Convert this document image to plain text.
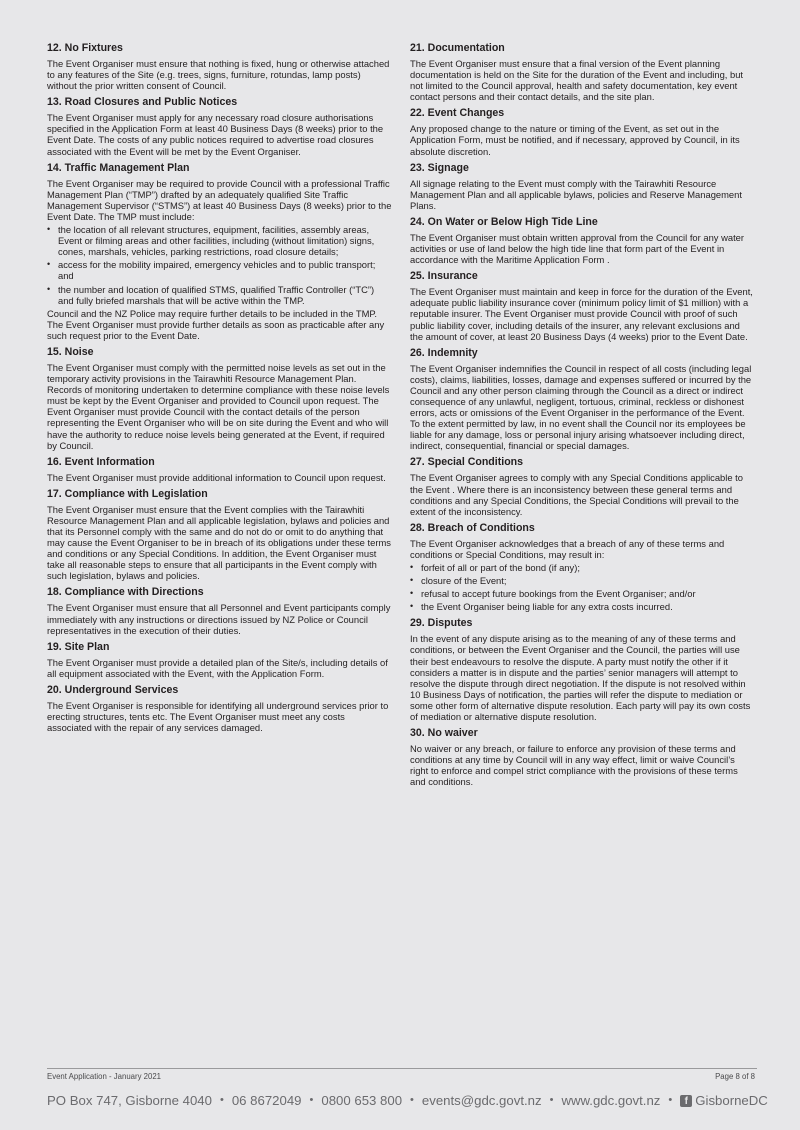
12. No Fixtures

The Event Organiser must ensure that nothing is fixed, hung or otherwise attached to any features of the Site (e.g. trees, signs, furniture, rotundas, lamp posts) without the prior written consent of Council.

13. Road Closures and Public Notices

The Event Organiser must apply for any necessary road closure authorisations specified in the Application Form at least 40 Business Days (8 weeks) prior to the Event Date. The costs of any public notices required to advertise road closures associated with the Event will be met by the Event Organiser.

14. Traffic Management Plan

The Event Organiser may be required to provide Council with a professional Traffic Management Plan (“TMP”) drafted by an adequately qualified Site Traffic Management Supervisor (“STMS”) at least 40 Business Days (8 weeks) prior to the Event Date. The TMP must include:

• the location of all relevant structures, equipment, facilities, assembly areas, Event or filming areas and other facilities, including (without limitation) signs, cones, marshals, vehicles, parking restrictions, road closure details;
• access for the mobility impaired, emergency vehicles and to public transport; and
• the number and location of qualified STMS, qualified Traffic Controller (“TC”) and fully briefed marshals that will be active within the TMP.

Council and the NZ Police may require further details to be included in the TMP. The Event Organiser must provide further details as soon as practicable after any such request prior to the Event Date.

15. Noise

The Event Organiser must comply with the permitted noise levels as set out in the temporary activity provisions in the Tairawhiti Resource Management Plan. Records of monitoring undertaken to determine compliance with these noise levels must be kept by the Event Organiser and provided to Council upon request. The Event Organiser must provide Council with the contact details of the person representing the Event Organiser who will be on site during the Event and who will have the authority to reduce noise levels being generated at the Event, if required by Council.

16. Event Information

The Event Organiser must provide additional information to Council upon request.

17. Compliance with Legislation

The Event Organiser must ensure that the Event complies with the Tairawhiti Resource Management Plan and all applicable legislation, bylaws and policies and that its Personnel comply with the same and do not do or omit to do anything that may cause the Event Organiser to be in breach of its obligations under these terms and conditions or any Special Conditions. In addition, the Event Organiser must take all reasonable steps to ensure that all participants in the Event comply with such legislation, bylaws and policies.

18. Compliance with Directions

The Event Organiser must ensure that all Personnel and Event participants comply immediately with any instructions or directions issued by NZ Police or Council representatives in the execution of their duties.

19. Site Plan

The Event Organiser must provide a detailed plan of the Site/s, including details of all equipment associated with the Event, with the Application Form.

20. Underground Services

The Event Organiser is responsible for identifying all underground services prior to erecting structures, tents etc. The Event Organiser must meet any costs associated with the repair of any services damaged.

21. Documentation

The Event Organiser must ensure that a final version of the Event planning documentation is held on the Site for the duration of the Event and including, but not limited to the Council approval, health and safety documentation, key event contact persons and their contact details, and the site plan.

22. Event Changes

Any proposed change to the nature or timing of the Event, as set out in the Application Form, must be notified, and if necessary, approved by Council, in its absolute discretion.

23. Signage

All signage relating to the Event must comply with the Tairawhiti Resource Management Plan and all applicable bylaws, policies and Reserve Management Plans.

24. On Water or Below High Tide Line

The Event Organiser must obtain written approval from the Council for any water activities or use of land below the high tide line that form part of the Event in accordance with the Maritime Application Form .

25. Insurance

The Event Organiser must maintain and keep in force for the duration of the Event, adequate public liability insurance cover (minimum policy limit of $1 million) with a reputable insurer. The Event Organiser must provide Council with proof of such public liability cover, including details of the insurer, any relevant exclusions and the amount of cover, at least 20 Business Days (4 weeks) prior to the Event Date.

26. Indemnity

The Event Organiser indemnifies the Council in respect of all costs (including legal costs), claims, liabilities, losses, damage and expenses suffered or incurred by the Council and any other person claiming through the Council as a direct or indirect consequence of any unlawful, negligent, tortuous, criminal, reckless or dishonest errors, acts or omissions of the Event Organiser in the performance of the Event.

To the extent permitted by law, in no event shall the Council nor its employees be liable for any damage, loss or personal injury arising whatsoever including direct, indirect, consequential, financial or special damages.

27. Special Conditions

The Event Organiser agrees to comply with any Special Conditions applicable to the Event . Where there is an inconsistency between these general terms and conditions and any Special Conditions, the Special Conditions will prevail to the extent of the inconsistency.

28. Breach of Conditions

The Event Organiser acknowledges that a breach of any of these terms and conditions or Special Conditions, may result in:

• forfeit of all or part of the bond (if any);
• closure of the Event;
• refusal to accept future bookings from the Event Organiser; and/or
• the Event Organiser being liable for any extra costs incurred.
29. Disputes

In the event of any dispute arising as to the meaning of any of these terms and conditions, or between the Event Organiser and the Council, the parties will use their best endeavours to resolve the dispute. A party must notify the other if it considers a matter is in dispute and the parties’ senior managers will attempt to resolve the dispute through direct negotiation. If the dispute is not resolved within 10 Business Days of notification, the parties will refer the dispute to mediation or some other form of alternative dispute resolution. Each party will pay its own costs of mediation or alternative dispute resolution.

30. No waiver

No waiver or any breach, or failure to enforce any provision of these terms and conditions at any time by Council will in any way effect, limit or waive Council’s right to enforce and compel strict compliance with the provisions of these terms and conditions.

Event Application - January 2021	Page 8 of 8
PO Box 747, Gisborne 4040 • 06 8672049 • 0800 653 800 • events@gdc.govt.nz • www.gdc.govt.nz •	f GisborneDC
